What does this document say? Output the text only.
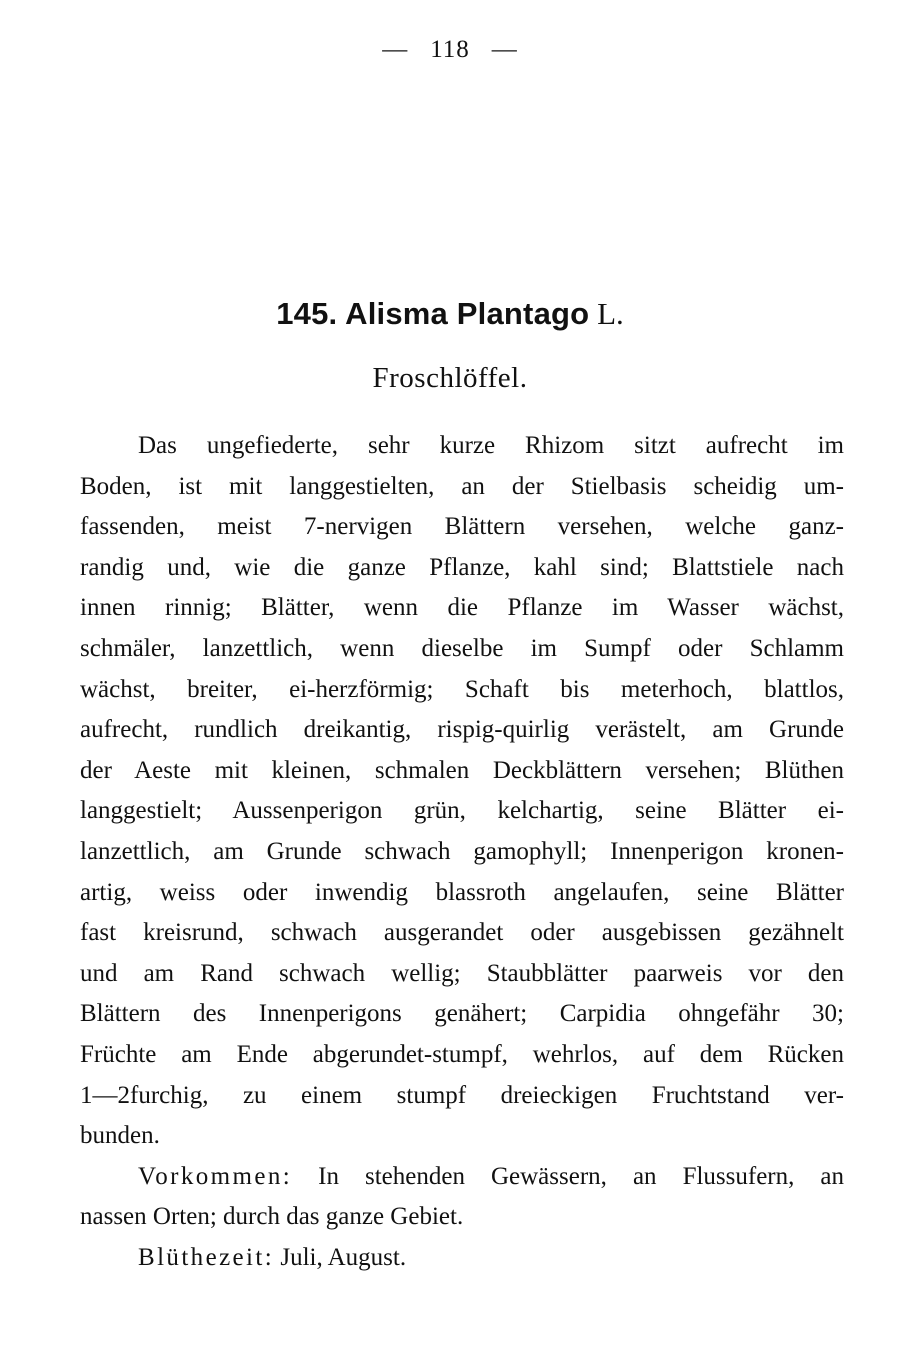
— 118 —
145. Alisma Plantago L.
Froschlöffel.
Das ungefiederte, sehr kurze Rhizom sitzt aufrecht im
Boden, ist mit langgestielten, an der Stielbasis scheidig um-
fassenden, meist 7-nervigen Blättern versehen, welche ganz-
randig und, wie die ganze Pflanze, kahl sind; Blattstiele nach
innen rinnig; Blätter, wenn die Pflanze im Wasser wächst,
schmäler, lanzettlich, wenn dieselbe im Sumpf oder Schlamm
wächst, breiter, ei-herzförmig; Schaft bis meterhoch, blattlos,
aufrecht, rundlich dreikantig, rispig-quirlig verästelt, am Grunde
der Aeste mit kleinen, schmalen Deckblättern versehen; Blüthen
langgestielt; Aussenperigon grün, kelchartig, seine Blätter ei-
lanzettlich, am Grunde schwach gamophyll; Innenperigon kronen-
artig, weiss oder inwendig blassroth angelaufen, seine Blätter
fast kreisrund, schwach ausgerandet oder ausgebissen gezähnelt
und am Rand schwach wellig; Staubblätter paarweis vor den
Blättern des Innenperigons genähert; Carpidia ohngefähr 30;
Früchte am Ende abgerundet-stumpf, wehrlos, auf dem Rücken
1—2furchig, zu einem stumpf dreieckigen Fruchtstand ver-
bunden.
Vorkommen: In stehenden Gewässern, an Flussufern, an
nassen Orten; durch das ganze Gebiet.
Blüthezeit: Juli, August.
